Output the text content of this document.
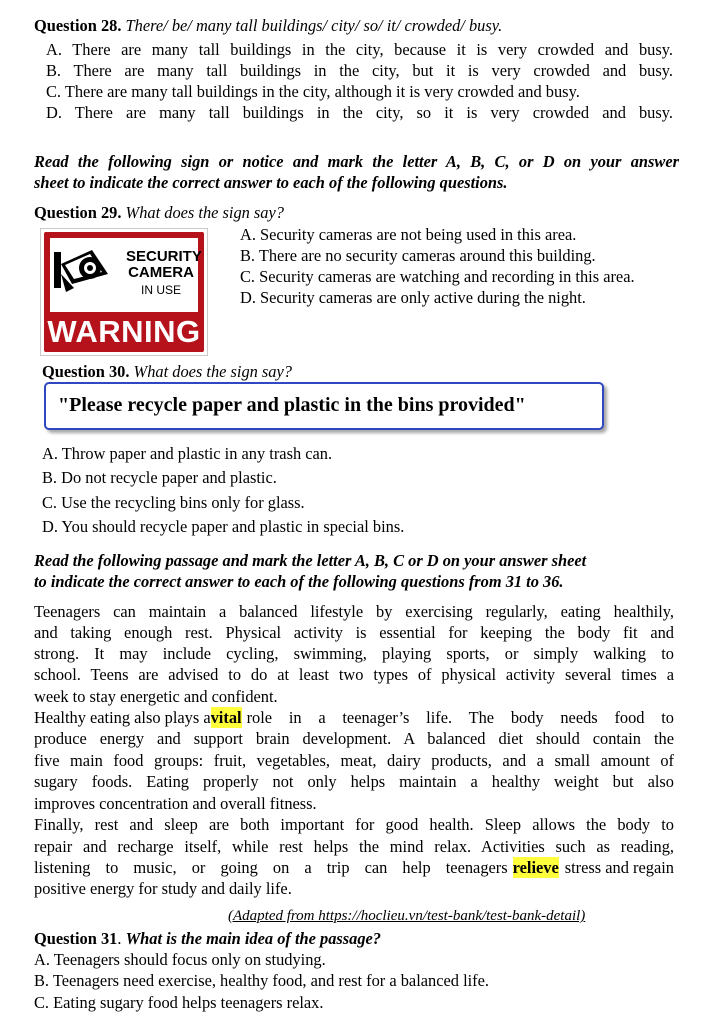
Question 28. There/ be/ many tall buildings/ city/ so/ it/ crowded/ busy.
A. There are many tall buildings in the city, because it is very crowded and busy.
B. There are many tall buildings in the city, but it is very crowded and busy.
C. There are many tall buildings in the city, although it is very crowded and busy.
D. There are many tall buildings in the city, so it is very crowded and busy.
Read the following sign or notice and mark the letter A, B, C, or D on your answer
sheet to indicate the correct answer to each of the following questions.
Question 29. What does the sign say?
SECURITY
CAMERA
IN USE
WARNING
A. Security cameras are not being used in this area.
B. There are no security cameras around this building.
C. Security cameras are watching and recording in this area.
D. Security cameras are only active during the night.
Question 30. What does the sign say?
"Please recycle paper and plastic in the bins provided"
A. Throw paper and plastic in any trash can.
B. Do not recycle paper and plastic.
C. Use the recycling bins only for glass.
D. You should recycle paper and plastic in special bins.
Read the following passage and mark the letter A, B, C or D on your answer sheet
to indicate the correct answer to each of the following questions from 31 to 36.
Teenagers can maintain a balanced lifestyle by exercising regularly, eating healthily,
and taking enough rest. Physical activity is essential for keeping the body fit and
strong. It may include cycling, swimming, playing sports, or simply walking to
school. Teens are advised to do at least two types of physical activity several times a
week to stay energetic and confident.
Healthy eating also plays a vital role in a teenager’s life. The body needs food to
produce energy and support brain development. A balanced diet should contain the
five main food groups: fruit, vegetables, meat, dairy products, and a small amount of
sugary foods. Eating properly not only helps maintain a healthy weight but also
improves concentration and overall fitness.
Finally, rest and sleep are both important for good health. Sleep allows the body to
repair and recharge itself, while rest helps the mind relax. Activities such as reading,
listening to music, or going on a trip can help teenagers relieve stress and regain
positive energy for study and daily life.
(Adapted from https://hoclieu.vn/test-bank/test-bank-detail)
Question 31. What is the main idea of the passage?
A. Teenagers should focus only on studying.
B. Teenagers need exercise, healthy food, and rest for a balanced life.
C. Eating sugary food helps teenagers relax.
